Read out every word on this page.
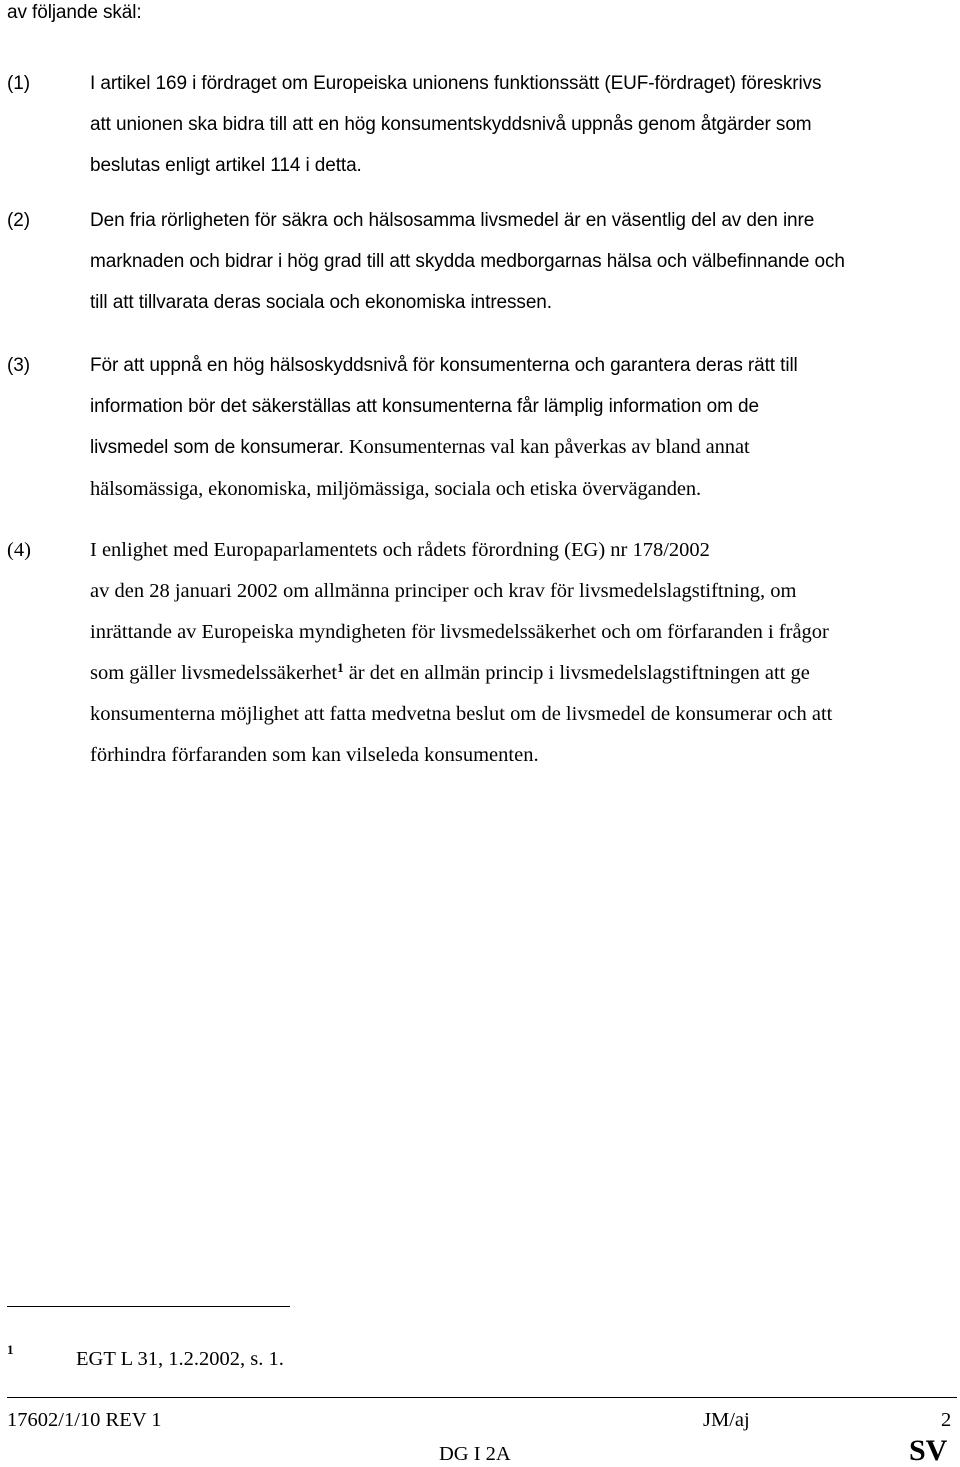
av följande skäl:
(1)	I artikel 169 i fördraget om Europeiska unionens funktionssätt (EUF-fördraget) föreskrivs
att unionen ska bidra till att en hög konsumentskyddsnivå uppnås genom åtgärder som
beslutas enligt artikel 114 i detta.
(2)	Den fria rörligheten för säkra och hälsosamma livsmedel är en väsentlig del av den inre
marknaden och bidrar i hög grad till att skydda medborgarnas hälsa och välbefinnande och
till att tillvarata deras sociala och ekonomiska intressen.
(3)	För att uppnå en hög hälsoskyddsnivå för konsumenterna och garantera deras rätt till
information bör det säkerställas att konsumenterna får lämplig information om de
livsmedel som de konsumerar. Konsumenternas val kan påverkas av bland annat
hälsomässiga, ekonomiska, miljömässiga, sociala och etiska överväganden.
(4)	I enlighet med Europaparlamentets och rådets förordning (EG) nr 178/2002
av den 28 januari 2002 om allmänna principer och krav för livsmedelslagstiftning, om
inrättande av Europeiska myndigheten för livsmedelssäkerhet och om förfaranden i frågor
som gäller livsmedelssäkerhet$^1$ är det en allmän princip i livsmedelslagstiftningen att ge
konsumenterna möjlighet att fatta medvetna beslut om de livsmedel de konsumerar och att
förhindra förfaranden som kan vilseleda konsumenten.
1	EGT L 31, 1.2.2002, s. 1.
17602/1/10 REV 1	JM/aj	2
DG I 2A	SV
